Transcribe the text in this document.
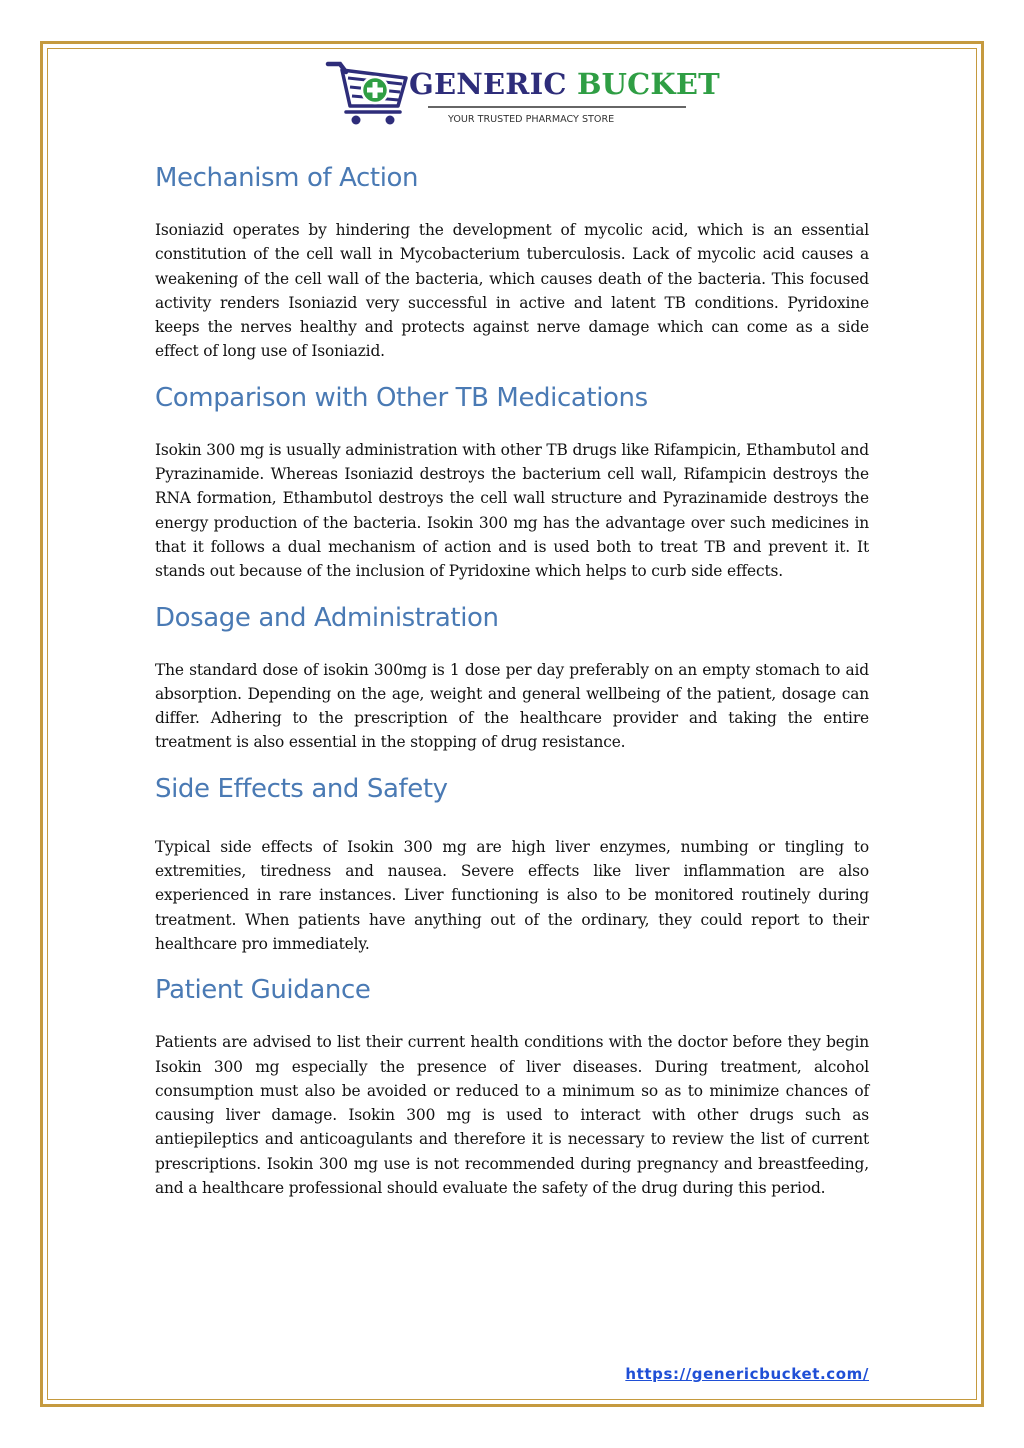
GENERIC BUCKET
YOUR TRUSTED PHARMACY STORE
Mechanism of Action

Isoniazid operates by hindering the development of mycolic acid, which is an essential constitution of the cell wall in Mycobacterium tuberculosis. Lack of mycolic acid causes a weakening of the cell wall of the bacteria, which causes death of the bacteria. This focused activity renders Isoniazid very successful in active and latent TB conditions. Pyridoxine keeps the nerves healthy and protects against nerve damage which can come as a side effect of long use of Isoniazid.

Comparison with Other TB Medications

Isokin 300 mg is usually administration with other TB drugs like Rifampicin, Ethambutol and Pyrazinamide. Whereas Isoniazid destroys the bacterium cell wall, Rifampicin destroys the RNA formation, Ethambutol destroys the cell wall structure and Pyrazinamide destroys the energy production of the bacteria. Isokin 300 mg has the advantage over such medicines in that it follows a dual mechanism of action and is used both to treat TB and prevent it. It stands out because of the inclusion of Pyridoxine which helps to curb side effects.

Dosage and Administration

The standard dose of isokin 300mg is 1 dose per day preferably on an empty stomach to aid absorption. Depending on the age, weight and general wellbeing of the patient, dosage can differ. Adhering to the prescription of the healthcare provider and taking the entire treatment is also essential in the stopping of drug resistance.

Side Effects and Safety

Typical side effects of Isokin 300 mg are high liver enzymes, numbing or tingling to extremities, tiredness and nausea. Severe effects like liver inflammation are also experienced in rare instances. Liver functioning is also to be monitored routinely during treatment. When patients have anything out of the ordinary, they could report to their healthcare pro immediately.

Patient Guidance

Patients are advised to list their current health conditions with the doctor before they begin Isokin 300 mg especially the presence of liver diseases. During treatment, alcohol consumption must also be avoided or reduced to a minimum so as to minimize chances of causing liver damage. Isokin 300 mg is used to interact with other drugs such as antiepileptics and anticoagulants and therefore it is necessary to review the list of current prescriptions. Isokin 300 mg use is not recommended during pregnancy and breastfeeding, and a healthcare professional should evaluate the safety of the drug during this period.

https://genericbucket.com/
